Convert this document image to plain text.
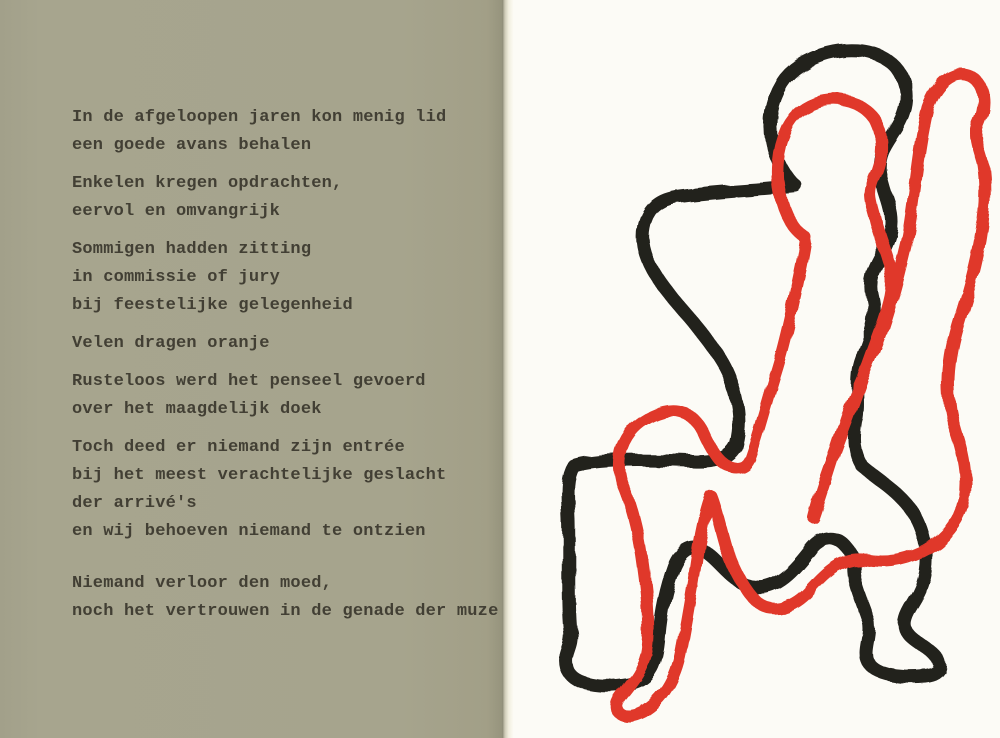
In de afgeloopen jaren kon menig lid
een goede avans behalen

Enkelen kregen opdrachten,
eervol en omvangrijk

Sommigen hadden zitting
in commissie of jury
bij feestelijke gelegenheid

Velen dragen oranje

Rusteloos werd het penseel gevoerd
over het maagdelijk doek

Toch deed er niemand zijn entrée
bij het meest verachtelijke geslacht
der arrivé's
en wij behoeven niemand te ontzien

Niemand verloor den moed,
noch het vertrouwen in de genade der muze
